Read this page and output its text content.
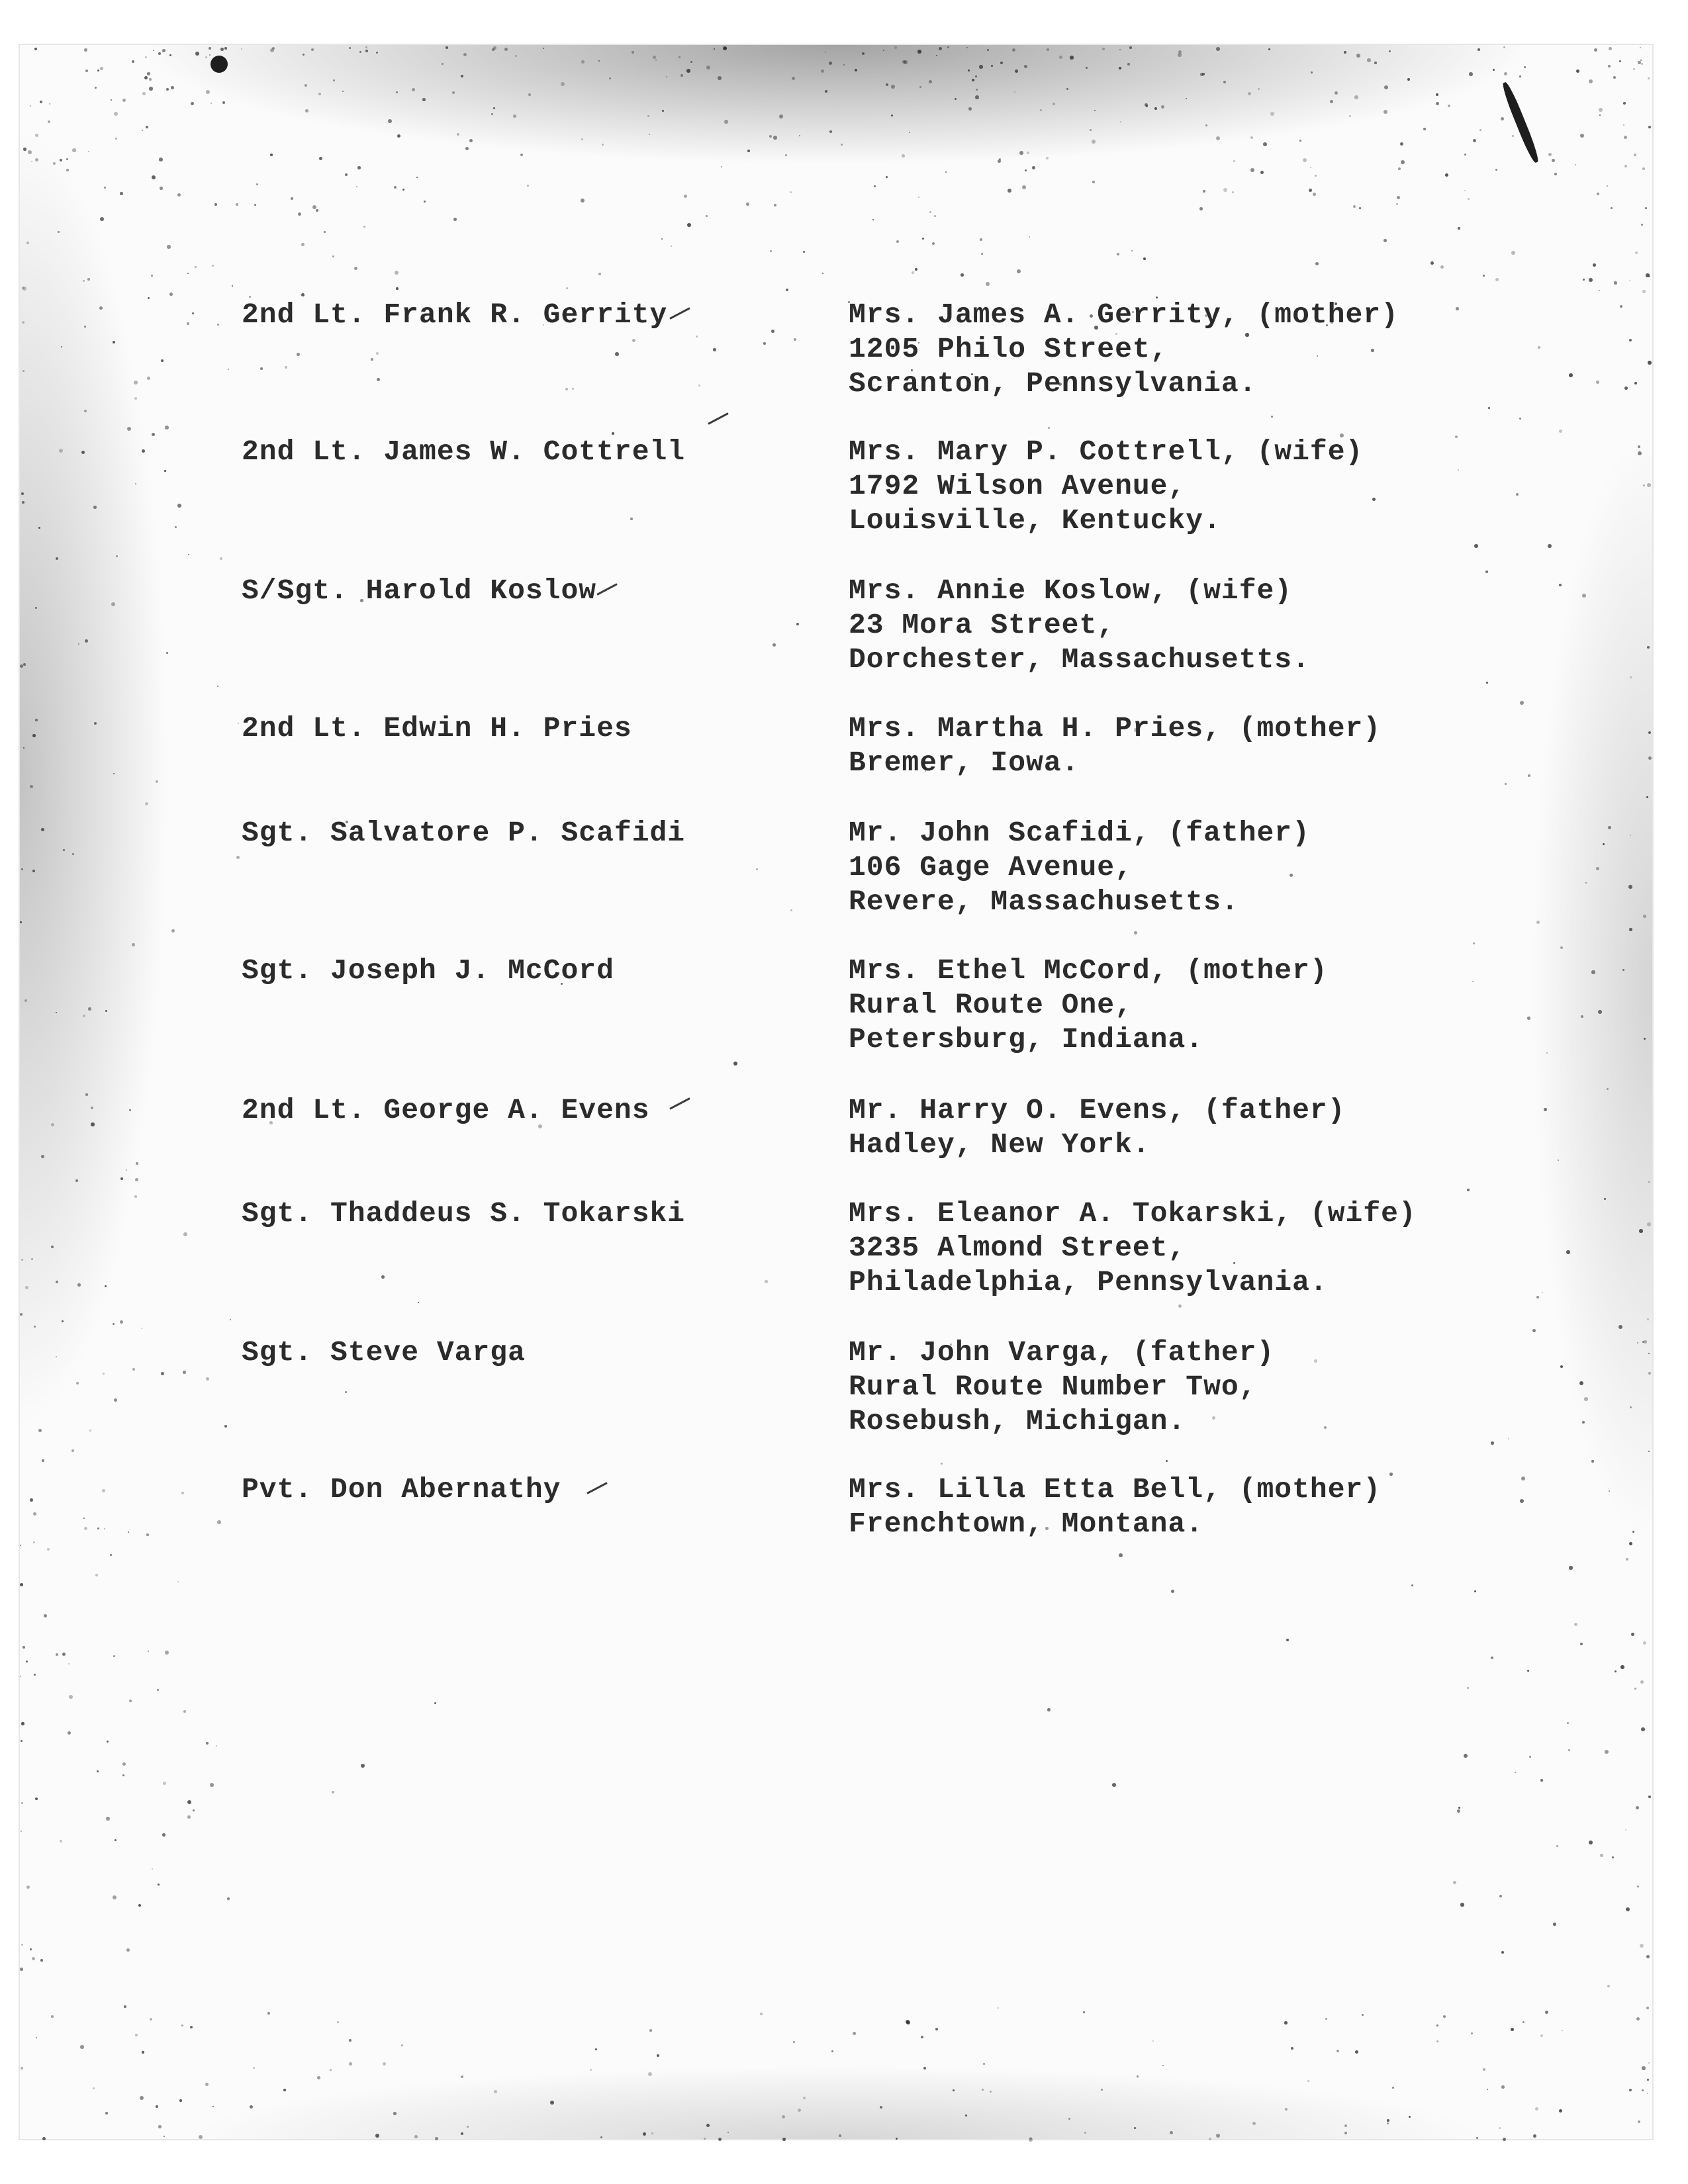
2nd Lt. Frank R. Gerrity	Mrs. James A. Gerrity, (mother)
1205 Philo Street,
Scranton, Pennsylvania.
2nd Lt. James W. Cottrell	Mrs. Mary P. Cottrell, (wife)
1792 Wilson Avenue,
Louisville, Kentucky.
S/Sgt. Harold Koslow	Mrs. Annie Koslow, (wife)
23 Mora Street,
Dorchester, Massachusetts.
2nd Lt. Edwin H. Pries	Mrs. Martha H. Pries, (mother)
Bremer, Iowa.
Sgt. Salvatore P. Scafidi	Mr. John Scafidi, (father)
106 Gage Avenue,
Revere, Massachusetts.
Sgt. Joseph J. McCord	Mrs. Ethel McCord, (mother)
Rural Route One,
Petersburg, Indiana.
2nd Lt. George A. Evens	Mr. Harry O. Evens, (father)
Hadley, New York.
Sgt. Thaddeus S. Tokarski	Mrs. Eleanor A. Tokarski, (wife)
3235 Almond Street,
Philadelphia, Pennsylvania.
Sgt. Steve Varga	Mr. John Varga, (father)
Rural Route Number Two,
Rosebush, Michigan.
Pvt. Don Abernathy	Mrs. Lilla Etta Bell, (mother)
Frenchtown, Montana.
